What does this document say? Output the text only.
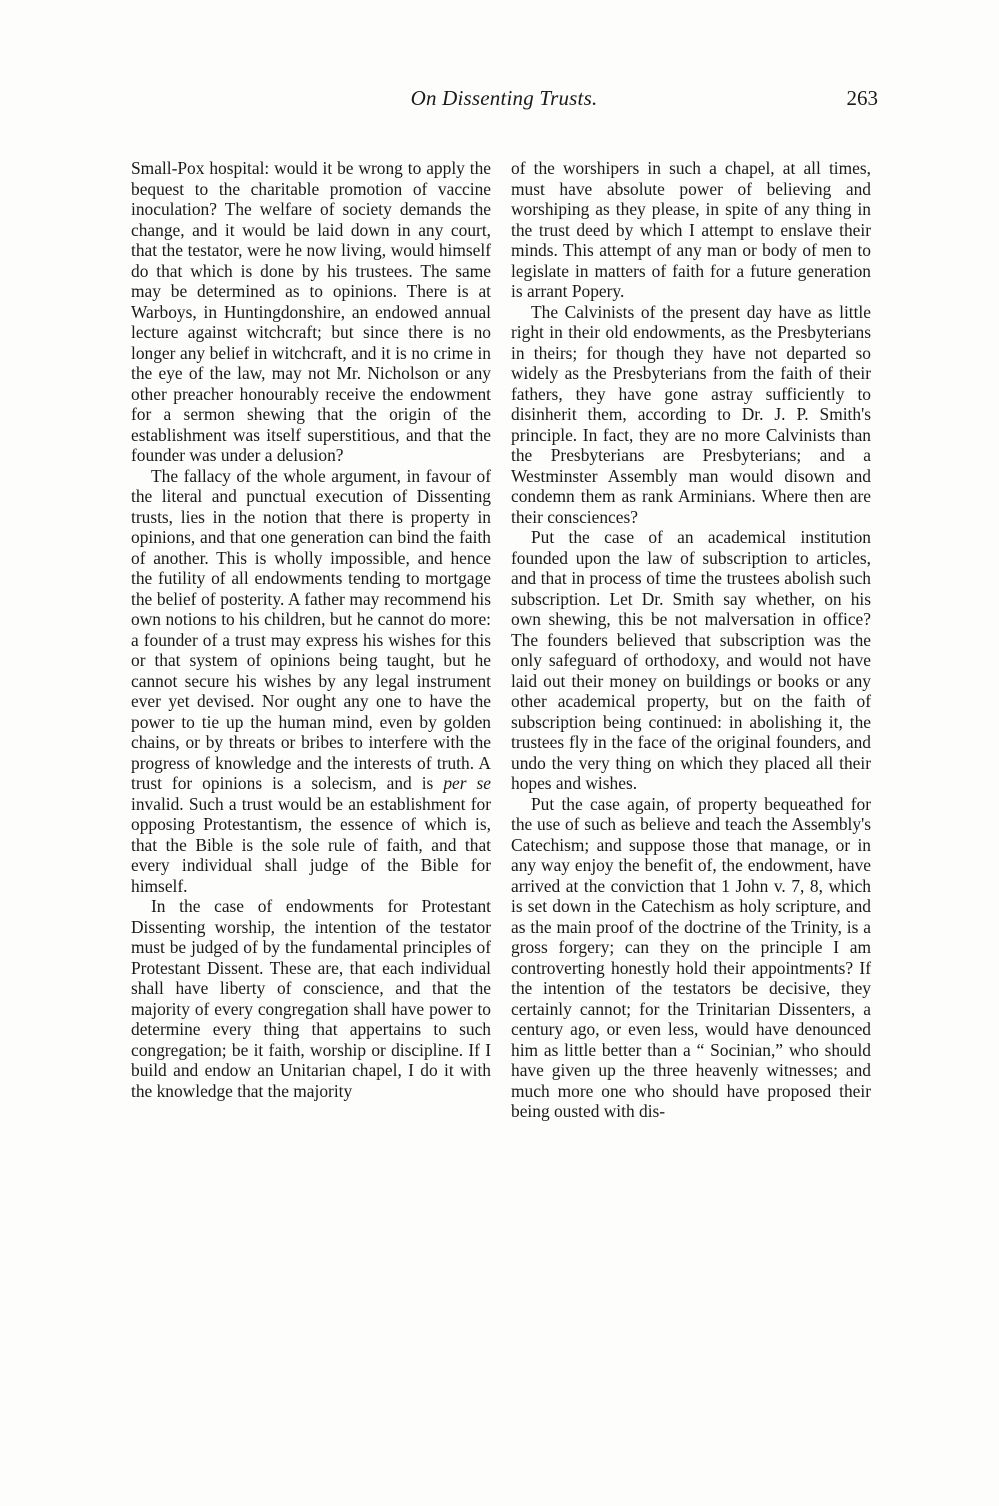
On Dissenting Trusts.	263

Small-Pox hospital: would it be wrong to apply the bequest to the charitable promotion of vaccine inoculation? The welfare of society demands the change, and it would be laid down in any court, that the testator, were he now living, would himself do that which is done by his trustees. The same may be determined as to opinions. There is at Warboys, in Huntingdonshire, an endowed annual lecture against witchcraft; but since there is no longer any belief in witchcraft, and it is no crime in the eye of the law, may not Mr. Nicholson or any other preacher honourably receive the endowment for a sermon shewing that the origin of the establishment was itself superstitious, and that the founder was under a delusion?

The fallacy of the whole argument, in favour of the literal and punctual execution of Dissenting trusts, lies in the notion that there is property in opinions, and that one generation can bind the faith of another. This is wholly impossible, and hence the futility of all endowments tending to mortgage the belief of posterity. A father may recommend his own notions to his children, but he cannot do more: a founder of a trust may express his wishes for this or that system of opinions being taught, but he cannot secure his wishes by any legal instrument ever yet devised. Nor ought any one to have the power to tie up the human mind, even by golden chains, or by threats or bribes to interfere with the progress of knowledge and the interests of truth. A trust for opinions is a solecism, and is per se invalid. Such a trust would be an establishment for opposing Protestantism, the essence of which is, that the Bible is the sole rule of faith, and that every individual shall judge of the Bible for himself.

In the case of endowments for Protestant Dissenting worship, the intention of the testator must be judged of by the fundamental principles of Protestant Dissent. These are, that each individual shall have liberty of conscience, and that the majority of every congregation shall have power to determine every thing that appertains to such congregation; be it faith, worship or discipline. If I build and endow an Unitarian chapel, I do it with the knowledge that the majority

of the worshipers in such a chapel, at all times, must have absolute power of believing and worshiping as they please, in spite of any thing in the trust deed by which I attempt to enslave their minds. This attempt of any man or body of men to legislate in matters of faith for a future generation is arrant Popery.

The Calvinists of the present day have as little right in their old endowments, as the Presbyterians in theirs; for though they have not departed so widely as the Presbyterians from the faith of their fathers, they have gone astray sufficiently to disinherit them, according to Dr. J. P. Smith's principle. In fact, they are no more Calvinists than the Presbyterians are Presbyterians; and a Westminster Assembly man would disown and condemn them as rank Arminians. Where then are their consciences?

Put the case of an academical institution founded upon the law of subscription to articles, and that in process of time the trustees abolish such subscription. Let Dr. Smith say whether, on his own shewing, this be not malversation in office? The founders believed that subscription was the only safeguard of orthodoxy, and would not have laid out their money on buildings or books or any other academical property, but on the faith of subscription being continued: in abolishing it, the trustees fly in the face of the original founders, and undo the very thing on which they placed all their hopes and wishes.

Put the case again, of property bequeathed for the use of such as believe and teach the Assembly's Catechism; and suppose those that manage, or in any way enjoy the benefit of, the endowment, have arrived at the conviction that 1 John v. 7, 8, which is set down in the Catechism as holy scripture, and as the main proof of the doctrine of the Trinity, is a gross forgery; can they on the principle I am controverting honestly hold their appointments? If the intention of the testators be decisive, they certainly cannot; for the Trinitarian Dissenters, a century ago, or even less, would have denounced him as little better than a “ Socinian,” who should have given up the three heavenly witnesses; and much more one who should have proposed their being ousted with dis-
